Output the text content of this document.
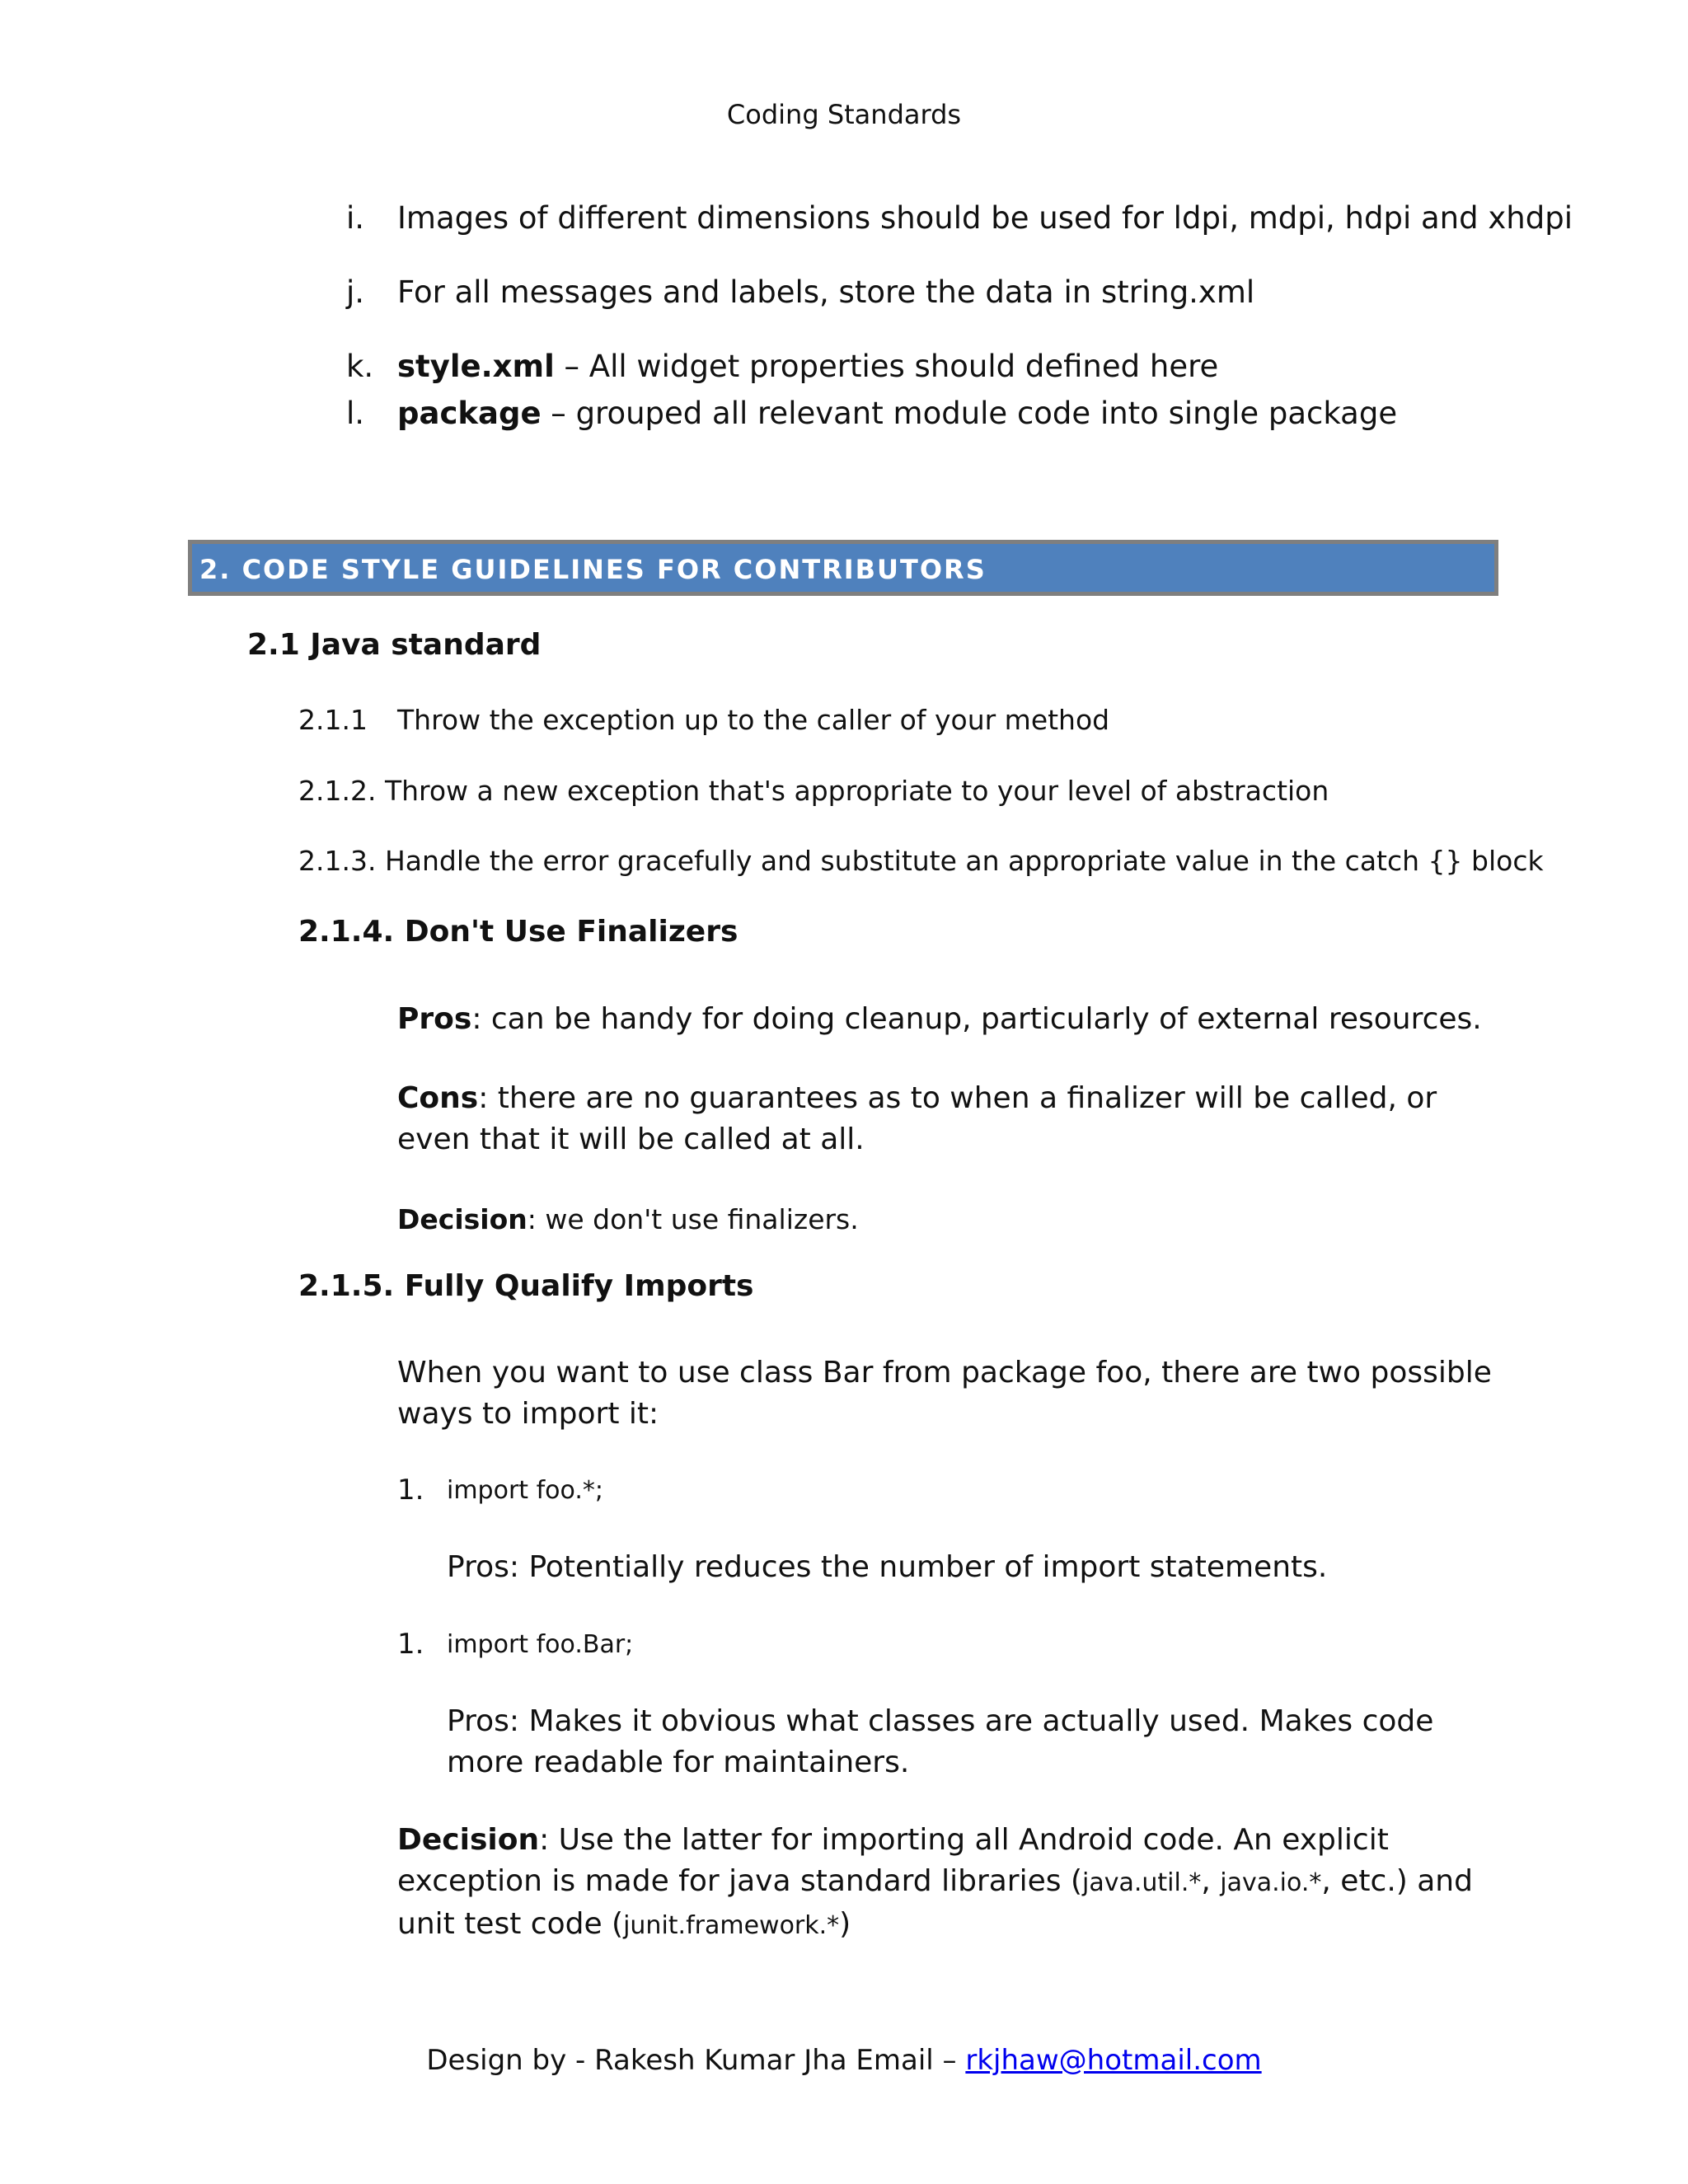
Coding Standards
i. Images of different dimensions should be used for ldpi, mdpi, hdpi and xhdpi
j. For all messages and labels, store the data in string.xml
k. style.xml – All widget properties should defined here
l. package – grouped all relevant module code into single package
2. CODE STYLE GUIDELINES FOR CONTRIBUTORS
2.1 Java standard
2.1.1 Throw the exception up to the caller of your method
2.1.2. Throw a new exception that's appropriate to your level of abstraction
2.1.3. Handle the error gracefully and substitute an appropriate value in the catch {} block
2.1.4. Don't Use Finalizers
Pros: can be handy for doing cleanup, particularly of external resources.
Cons: there are no guarantees as to when a finalizer will be called, or even that it will be called at all.
Decision: we don't use finalizers.
2.1.5. Fully Qualify Imports
When you want to use class Bar from package foo, there are two possible ways to import it:
1. import foo.*;
Pros: Potentially reduces the number of import statements.
1. import foo.Bar;
Pros: Makes it obvious what classes are actually used. Makes code more readable for maintainers.
Decision: Use the latter for importing all Android code. An explicit exception is made for java standard libraries (java.util.*, java.io.*, etc.) and unit test code (junit.framework.*)
Design by - Rakesh Kumar Jha Email – rkjhaw@hotmail.com
